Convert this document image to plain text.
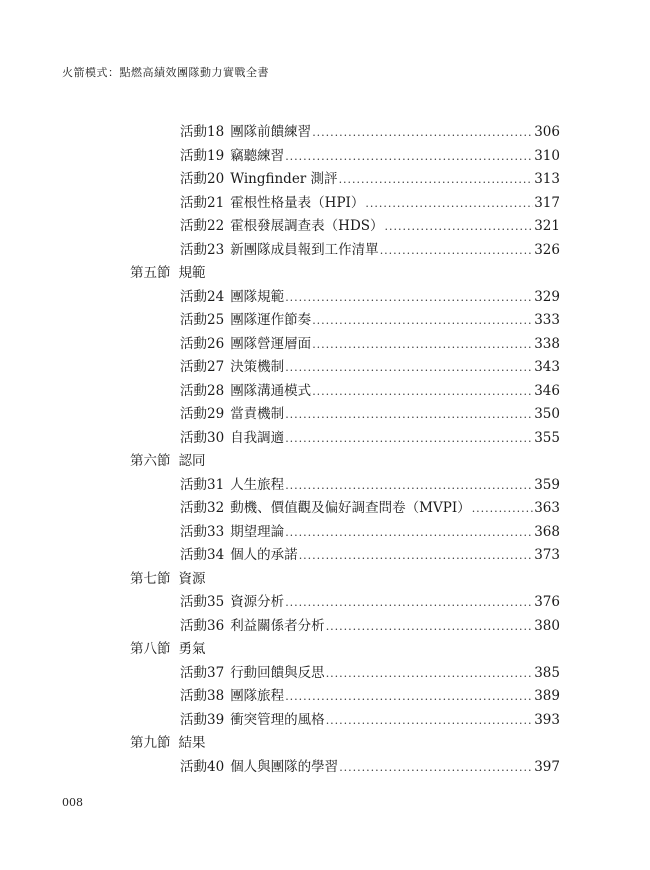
火箭模式：點燃高績效團隊動力實戰全書
活動18 團隊前饋練習 .....	306
活動19 竊聽練習 .....	310
活動20 Wingfinder 測評 .....	313
活動21 霍根性格量表（HPI） .....	317
活動22 霍根發展調查表（HDS） .....	321
活動23 新團隊成員報到工作清單 .....	326
第五節 規範
活動24 團隊規範 .....	329
活動25 團隊運作節奏 .....	333
活動26 團隊營運層面 .....	338
活動27 決策機制 .....	343
活動28 團隊溝通模式 .....	346
活動29 當責機制 .....	350
活動30 自我調適 .....	355
第六節 認同
活動31 人生旅程 .....	359
活動32 動機、價值觀及偏好調查問卷（MVPI） .....	363
活動33 期望理論 .....	368
活動34 個人的承諾 .....	373
第七節 資源
活動35 資源分析 .....	376
活動36 利益關係者分析 .....	380
第八節 勇氣
活動37 行動回饋與反思 .....	385
活動38 團隊旅程 .....	389
活動39 衝突管理的風格 .....	393
第九節 結果
活動40 個人與團隊的學習 .....	397
008
